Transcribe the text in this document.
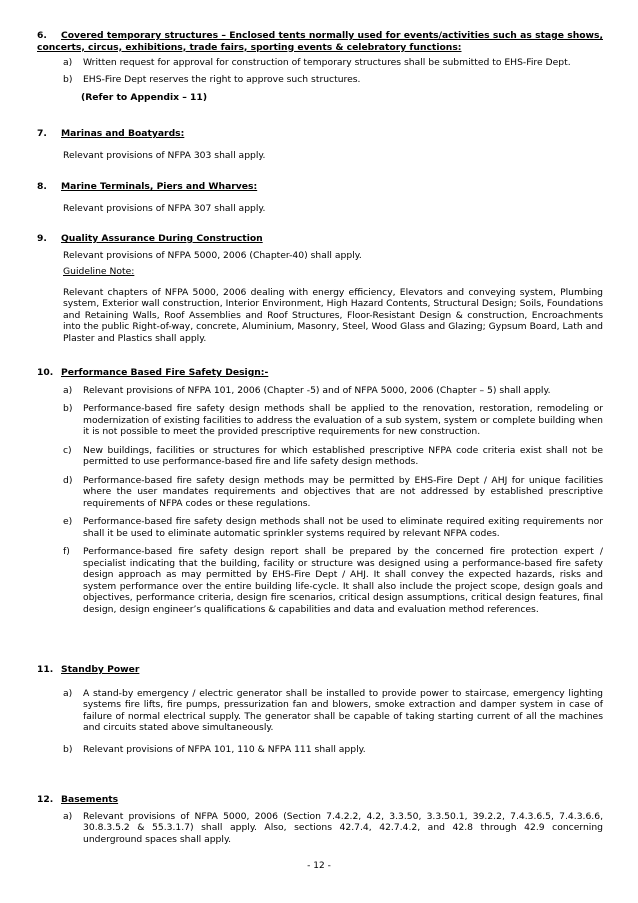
6. Covered temporary structures – Enclosed tents normally used for events/activities such as stage shows, concerts, circus, exhibitions, trade fairs, sporting events & celebratory functions:

a) Written request for approval for construction of temporary structures shall be submitted to EHS-Fire Dept.
b) EHS-Fire Dept reserves the right to approve such structures.
(Refer to Appendix – 11)

7. Marinas and Boatyards:

Relevant provisions of NFPA 303 shall apply.

8. Marine Terminals, Piers and Wharves:

Relevant provisions of NFPA 307 shall apply.

9. Quality Assurance During Construction

Relevant provisions of NFPA 5000, 2006 (Chapter-40) shall apply.

Guideline Note:

Relevant chapters of NFPA 5000, 2006 dealing with energy efficiency, Elevators and conveying system, Plumbing system, Exterior wall construction, Interior Environment, High Hazard Contents, Structural Design; Soils, Foundations and Retaining Walls, Roof Assemblies and Roof Structures, Floor-Resistant Design & construction, Encroachments into the public Right-of-way, concrete, Aluminium, Masonry, Steel, Wood Glass and Glazing; Gypsum Board, Lath and Plaster and Plastics shall apply.

10. Performance Based Fire Safety Design:-

a) Relevant provisions of NFPA 101, 2006 (Chapter -5) and of NFPA 5000, 2006 (Chapter – 5) shall apply.
b) Performance-based fire safety design methods shall be applied to the renovation, restoration, remodeling or modernization of existing facilities to address the evaluation of a sub system, system or complete building when it is not possible to meet the provided prescriptive requirements for new construction.
c) New buildings, facilities or structures for which established prescriptive NFPA code criteria exist shall not be permitted to use performance-based fire and life safety design methods.
d) Performance-based fire safety design methods may be permitted by EHS-Fire Dept / AHJ for unique facilities where the user mandates requirements and objectives that are not addressed by established prescriptive requirements of NFPA codes or these regulations.
e) Performance-based fire safety design methods shall not be used to eliminate required exiting requirements nor shall it be used to eliminate automatic sprinkler systems required by relevant NFPA codes.
f) Performance-based fire safety design report shall be prepared by the concerned fire protection expert / specialist indicating that the building, facility or structure was designed using a performance-based fire safety design approach as may permitted by EHS-Fire Dept / AHJ. It shall convey the expected hazards, risks and system performance over the entire building life-cycle. It shall also include the project scope, design goals and objectives, performance criteria, design fire scenarios, critical design assumptions, critical design features, final design, design engineer’s qualifications & capabilities and data and evaluation method references.

11. Standby Power

a) A stand-by emergency / electric generator shall be installed to provide power to staircase, emergency lighting systems fire lifts, fire pumps, pressurization fan and blowers, smoke extraction and damper system in case of failure of normal electrical supply. The generator shall be capable of taking starting current of all the machines and circuits stated above simultaneously.
b) Relevant provisions of NFPA 101, 110 & NFPA 111 shall apply.

12. Basements

a) Relevant provisions of NFPA 5000, 2006 (Section 7.4.2.2, 4.2, 3.3.50, 3.3.50.1, 39.2.2, 7.4.3.6.5, 7.4.3.6.6, 30.8.3.5.2 & 55.3.1.7) shall apply. Also, sections 42.7.4, 42.7.4.2, and 42.8 through 42.9 concerning underground spaces shall apply.
- 12 -
